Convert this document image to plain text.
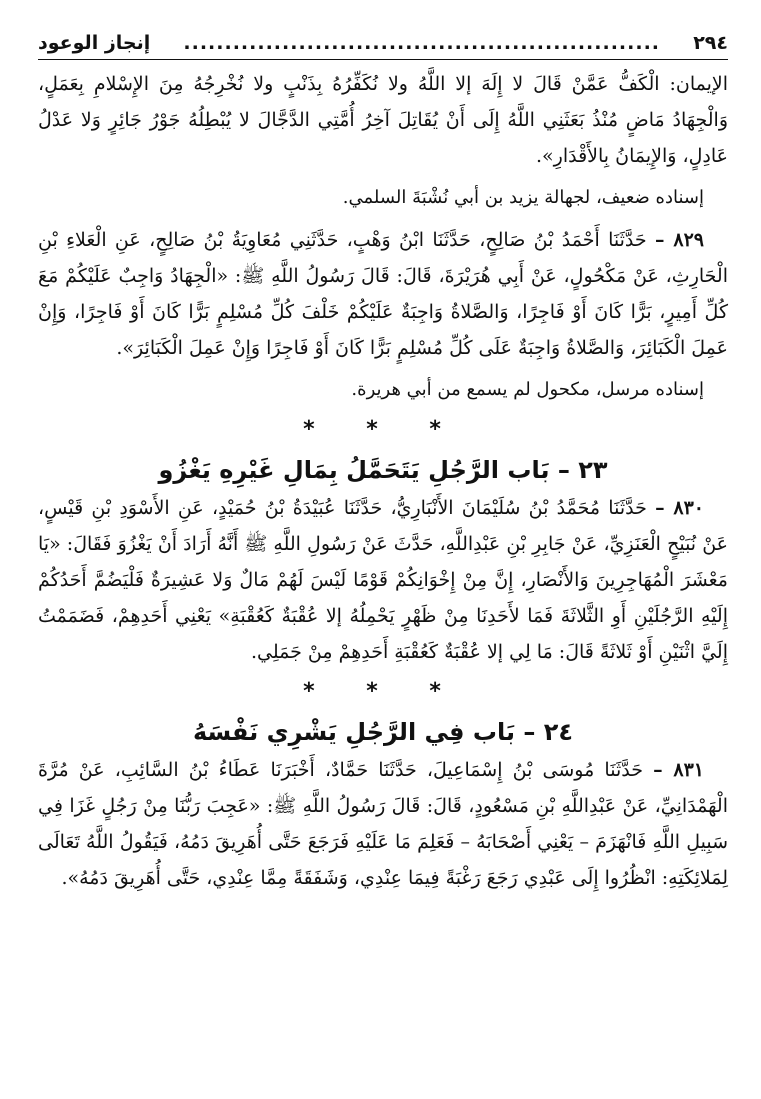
٢٩٤
..........................................................
إنجاز الوعود

الإيمان: الْكَفُّ عَمَّنْ قَالَ لا إِلَهَ إلا اللَّهُ ولا نُكَفِّرُهُ بِذَنْبٍ ولا نُخْرِجُهُ مِنَ الإِسْلامِ بِعَمَلٍ، وَالْجِهَادُ مَاضٍ مُنْذُ بَعَثَنِي اللَّهُ إِلَى أَنْ يُقَاتِلَ آخِرُ أُمَّتِي الدَّجَّالَ لا يُبْطِلُهُ جَوْرُ جَائِرٍ وَلا عَدْلُ عَادِلٍ، وَالإِيمَانُ بِالأَقْدَارِ».

إسناده ضعيف، لجهالة يزيد بن أبي نُشْبَةَ السلمي.

٨٢٩ – حَدَّثَنَا أَحْمَدُ بْنُ صَالِحٍ، حَدَّثَنَا ابْنُ وَهْبٍ، حَدَّثَنِي مُعَاوِيَةُ بْنُ صَالِحٍ، عَنِ الْعَلاءِ بْنِ الْحَارِثِ، عَنْ مَكْحُولٍ، عَنْ أَبِي هُرَيْرَةَ، قَالَ: قَالَ رَسُولُ اللَّهِ ﷺ: «الْجِهَادُ وَاجِبٌ عَلَيْكُمْ مَعَ كُلِّ أَمِيرٍ، بَرًّا كَانَ أَوْ فَاجِرًا، وَالصَّلاةُ وَاجِبَةٌ عَلَيْكُمْ خَلْفَ كُلِّ مُسْلِمٍ بَرًّا كَانَ أَوْ فَاجِرًا، وَإِنْ عَمِلَ الْكَبَائِرَ، وَالصَّلاةُ وَاجِبَةٌ عَلَى كُلِّ مُسْلِمٍ بَرًّا كَانَ أَوْ فَاجِرًا وَإِنْ عَمِلَ الْكَبَائِرَ».

إسناده مرسل، مكحول لم يسمع من أبي هريرة.

* * *
٢٣ – بَاب الرَّجُلِ يَتَحَمَّلُ بِمَالِ غَيْرِهِ يَغْزُو

٨٣٠ – حَدَّثَنَا مُحَمَّدُ بْنُ سُلَيْمَانَ الأَنْبَارِيُّ، حَدَّثَنَا عُبَيْدَةُ بْنُ حُمَيْدٍ، عَنِ الأَسْوَدِ بْنِ قَيْسٍ، عَنْ نُبَيْحٍ الْعَنَزِيِّ، عَنْ جَابِرِ بْنِ عَبْدِاللَّهِ، حَدَّثَ عَنْ رَسُولِ اللَّهِ ﷺ أَنَّهُ أَرَادَ أَنْ يَغْزُوَ فَقَالَ: «يَا مَعْشَرَ الْمُهَاجِرِينَ وَالأَنْصَارِ، إِنَّ مِنْ إِخْوَانِكُمْ قَوْمًا لَيْسَ لَهُمْ مَالٌ وَلا عَشِيرَةٌ فَلْيَضُمَّ أَحَدُكُمْ إِلَيْهِ الرَّجُلَيْنِ أَوِ الثَّلاثَةَ فَمَا لأَحَدِنَا مِنْ ظَهْرٍ يَحْمِلُهُ إلا عُقْبَةٌ كَعُقْبَةِ» يَعْنِي أَحَدِهِمْ، فَضَمَمْتُ إِلَيَّ اثْنَيْنِ أَوْ ثَلاثَةً قَالَ: مَا لِي إلا عُقْبَةٌ كَعُقْبَةِ أَحَدِهِمْ مِنْ جَمَلِي.

* * *
٢٤ – بَاب فِي الرَّجُلِ يَشْرِي نَفْسَهُ

٨٣١ – حَدَّثَنَا مُوسَى بْنُ إِسْمَاعِيلَ، حَدَّثَنَا حَمَّادٌ، أَخْبَرَنَا عَطَاءُ بْنُ السَّائِبِ، عَنْ مُرَّةَ الْهَمْدَانِيِّ، عَنْ عَبْدِاللَّهِ بْنِ مَسْعُودٍ، قَالَ: قَالَ رَسُولُ اللَّهِ ﷺ: «عَجِبَ رَبُّنَا مِنْ رَجُلٍ غَزَا فِي سَبِيلِ اللَّهِ فَانْهَزَمَ – يَعْنِي أَصْحَابَهُ – فَعَلِمَ مَا عَلَيْهِ فَرَجَعَ حَتَّى أُهَرِيقَ دَمُهُ، فَيَقُولُ اللَّهُ تَعَالَى لِمَلائِكَتِهِ: انْظُرُوا إِلَى عَبْدِي رَجَعَ رَغْبَةً فِيمَا عِنْدِي، وَشَفَقَةً مِمَّا عِنْدِي، حَتَّى أُهَرِيقَ دَمُهُ».
